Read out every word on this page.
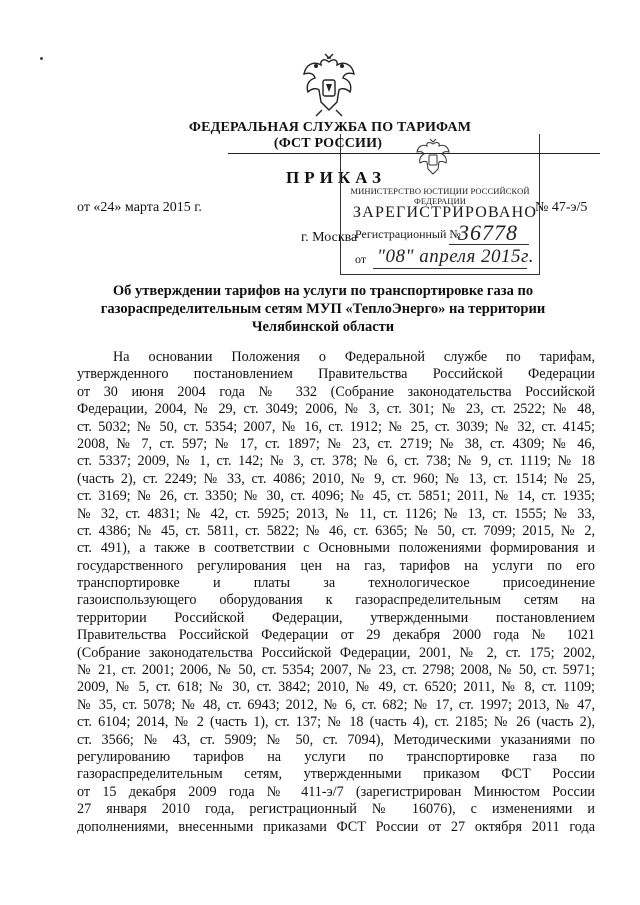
ФЕДЕРАЛЬНАЯ СЛУЖБА ПО ТАРИФАМ
(ФСТ РОССИИ)
ПРИКАЗ
от «24» марта 2015 г.	№ 47-э/5
г. Москва
МИНИСТЕРСТВО ЮСТИЦИИ РОССИЙСКОЙ ФЕДЕРАЦИИ
ЗАРЕГИСТРИРОВАНО
Регистрационный №
36778
от "08" апреля 2015г.
Об утверждении тарифов на услуги по транспортировке газа по
газораспределительным сетям МУП «ТеплоЭнерго» на территории
Челябинской области
На основании Положения о Федеральной службе по тарифам,
утвержденного постановлением Правительства Российской Федерации
от 30 июня 2004 года № 332 (Собрание законодательства Российской
Федерации, 2004, № 29, ст. 3049; 2006, № 3, ст. 301; № 23, ст. 2522; № 48,
ст. 5032; № 50, ст. 5354; 2007, № 16, ст. 1912; № 25, ст. 3039; № 32, ст. 4145;
2008, № 7, ст. 597; № 17, ст. 1897; № 23, ст. 2719; № 38, ст. 4309; № 46,
ст. 5337; 2009, № 1, ст. 142; № 3, ст. 378; № 6, ст. 738; № 9, ст. 1119; № 18
(часть 2), ст. 2249; № 33, ст. 4086; 2010, № 9, ст. 960; № 13, ст. 1514; № 25,
ст. 3169; № 26, ст. 3350; № 30, ст. 4096; № 45, ст. 5851; 2011, № 14, ст. 1935;
№ 32, ст. 4831; № 42, ст. 5925; 2013, № 11, ст. 1126; № 13, ст. 1555; № 33,
ст. 4386; № 45, ст. 5811, ст. 5822; № 46, ст. 6365; № 50, ст. 7099; 2015, № 2,
ст. 491), а также в соответствии с Основными положениями формирования и
государственного регулирования цен на газ, тарифов на услуги по его
транспортировке и платы за технологическое присоединение
газоиспользующего оборудования к газораспределительным сетям на
территории Российской Федерации, утвержденными постановлением
Правительства Российской Федерации от 29 декабря 2000 года № 1021
(Собрание законодательства Российской Федерации, 2001, № 2, ст. 175; 2002,
№ 21, ст. 2001; 2006, № 50, ст. 5354; 2007, № 23, ст. 2798; 2008, № 50, ст. 5971;
2009, № 5, ст. 618; № 30, ст. 3842; 2010, № 49, ст. 6520; 2011, № 8, ст. 1109;
№ 35, ст. 5078; № 48, ст. 6943; 2012, № 6, ст. 682; № 17, ст. 1997; 2013, № 47,
ст. 6104; 2014, № 2 (часть 1), ст. 137; № 18 (часть 4), ст. 2185; № 26 (часть 2),
ст. 3566; № 43, ст. 5909; № 50, ст. 7094), Методическими указаниями по
регулированию тарифов на услуги по транспортировке газа по
газораспределительным сетям, утвержденными приказом ФСТ России
от 15 декабря 2009 года № 411-э/7 (зарегистрирован Минюстом России
27 января 2010 года, регистрационный № 16076), с изменениями и
дополнениями, внесенными приказами ФСТ России от 27 октября 2011 года
